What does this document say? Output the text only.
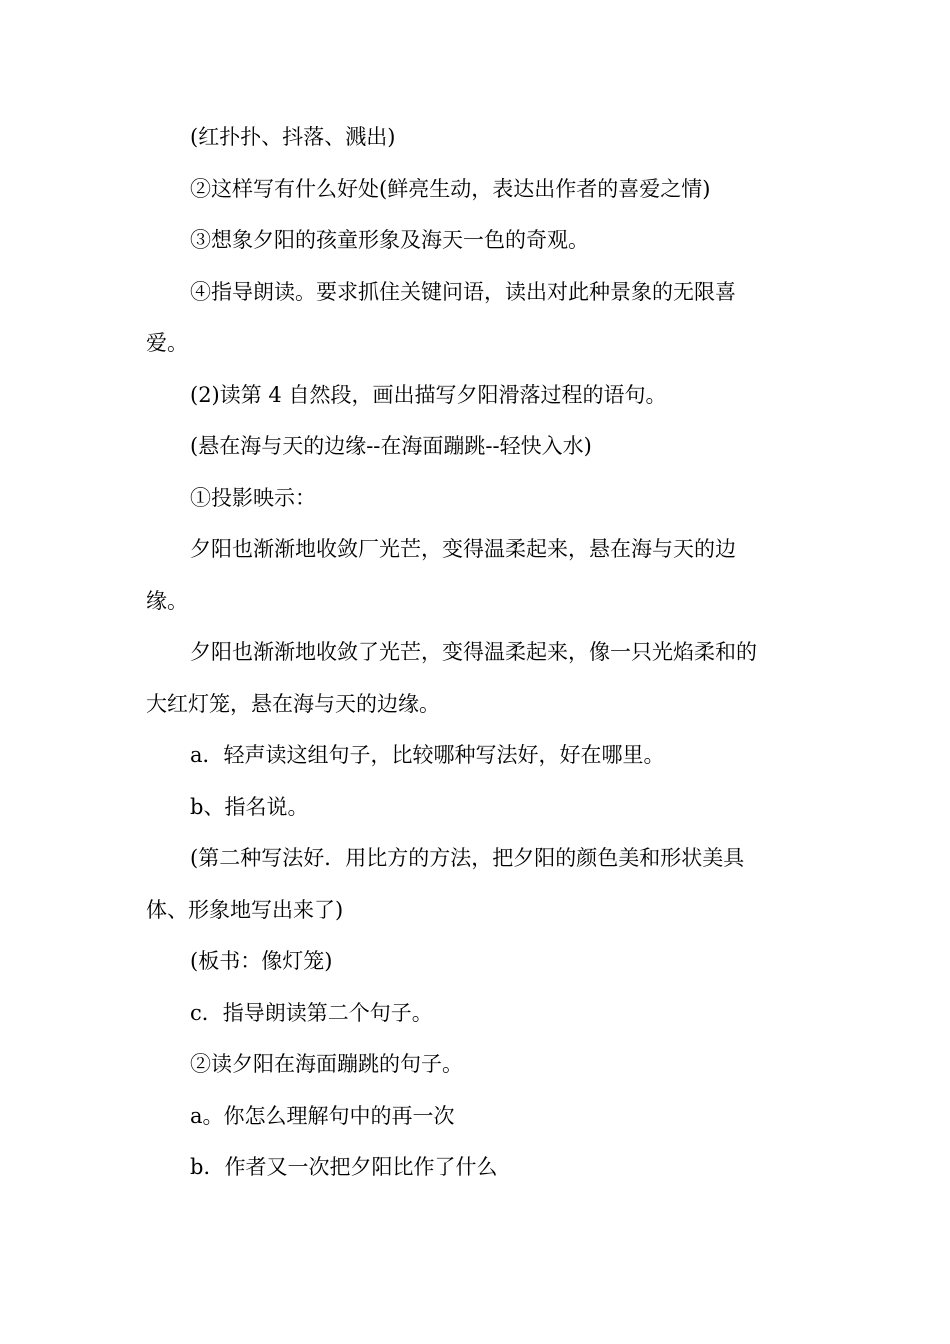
(红扑扑、抖落、溅出)
②这样写有什么好处(鲜亮生动，表达出作者的喜爱之情)
③想象夕阳的孩童形象及海天一色的奇观。
④指导朗读。要求抓住关键问语，读出对此种景象的无限喜
爱。
(2)读第 4 自然段，画出描写夕阳滑落过程的语句。
(悬在海与天的边缘--在海面蹦跳--轻快入水)
①投影映示：
夕阳也渐渐地收敛厂光芒，变得温柔起来，悬在海与天的边
缘。
夕阳也渐渐地收敛了光芒，变得温柔起来，像一只光焰柔和的
大红灯笼，悬在海与天的边缘。
a．轻声读这组句子，比较哪种写法好，好在哪里。
b、指名说。
(第二种写法好．用比方的方法，把夕阳的颜色美和形状美具
体、形象地写出来了)
(板书：像灯笼)
c．指导朗读第二个句子。
②读夕阳在海面蹦跳的句子。
a。你怎么理解句中的再一次
b．作者又一次把夕阳比作了什么
